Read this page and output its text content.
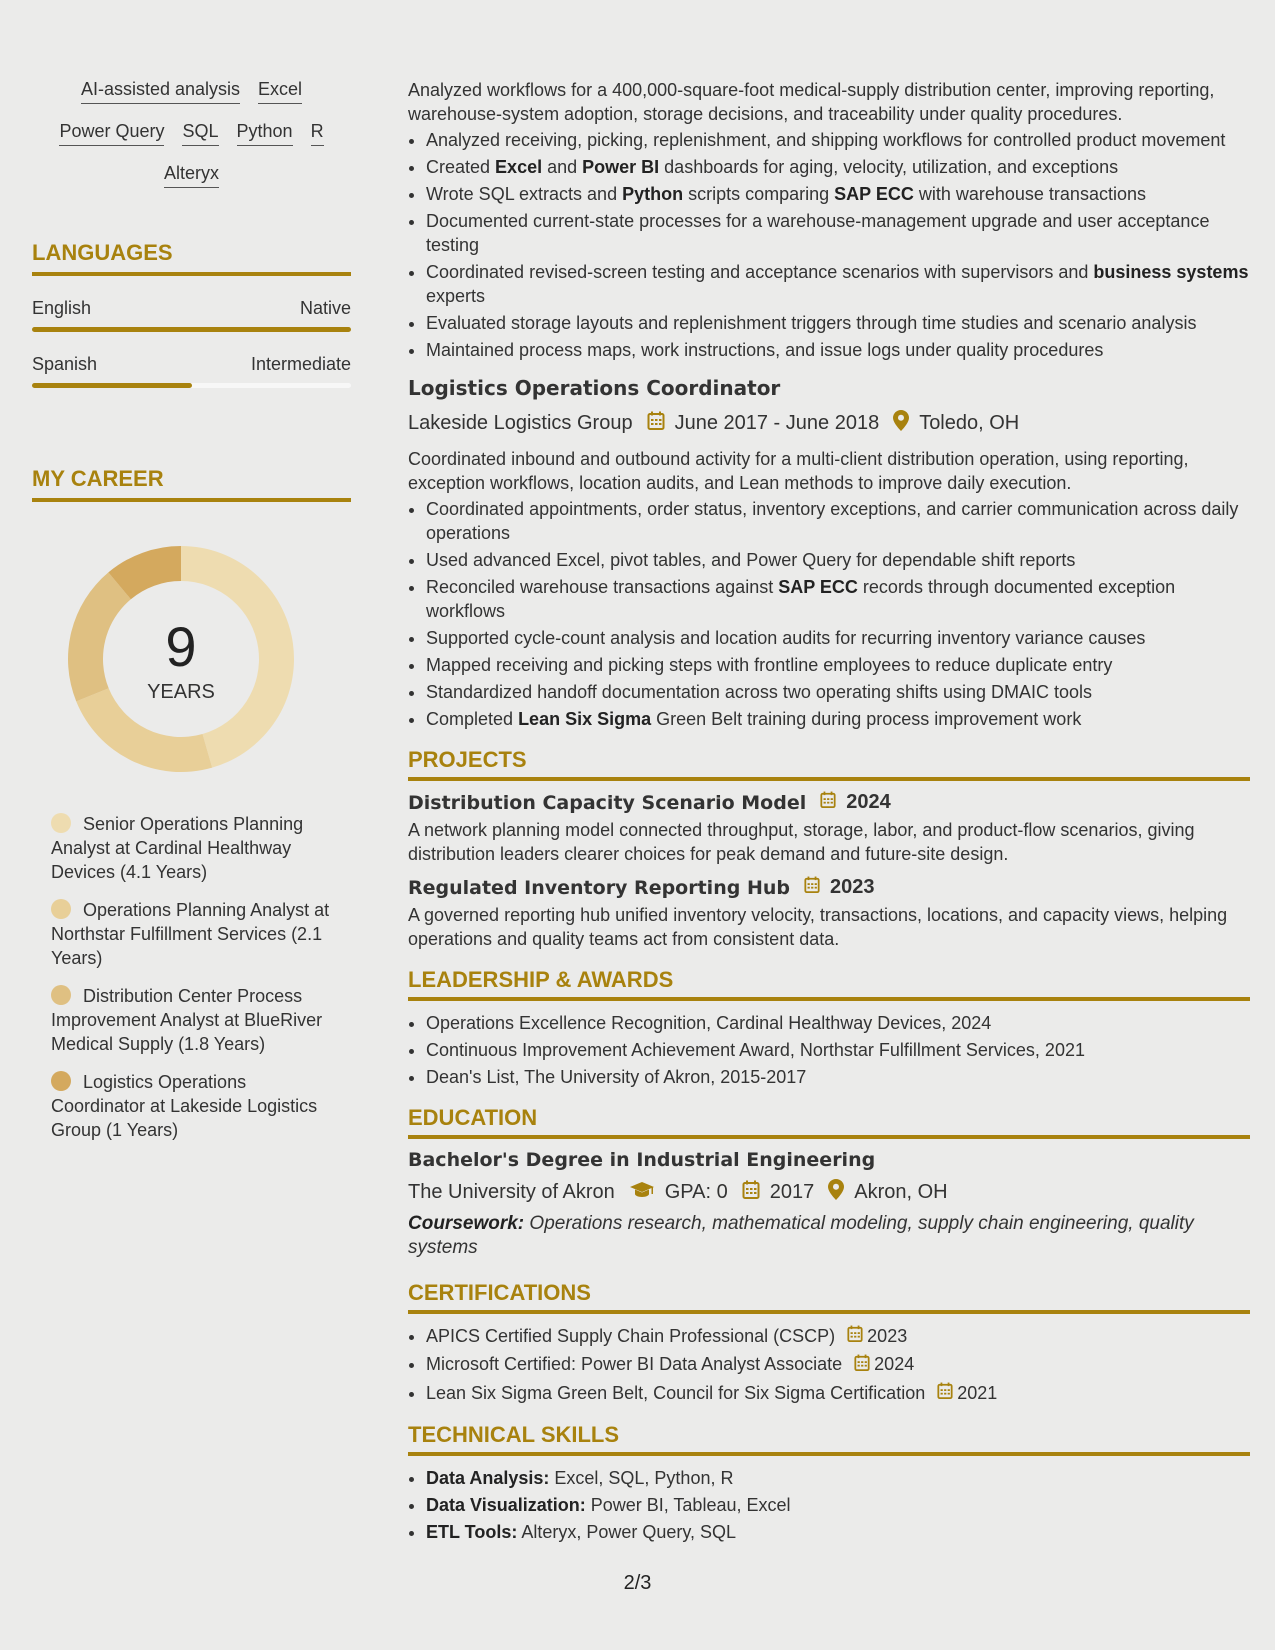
AI-assisted analysis Excel
Power Query SQL Python R
Alteryx
LANGUAGES
English	Native
Spanish	Intermediate
MY CAREER
9
YEARS
Senior Operations Planning Analyst at Cardinal Healthway Devices (4.1 Years)
Operations Planning Analyst at Northstar Fulfillment Services (2.1 Years)
Distribution Center Process Improvement Analyst at BlueRiver Medical Supply (1.8 Years)
Logistics Operations Coordinator at Lakeside Logistics Group (1 Years)

Analyzed workflows for a 400,000-square-foot medical-supply distribution center, improving reporting, warehouse-system adoption, storage decisions, and traceability under quality procedures.

• Analyzed receiving, picking, replenishment, and shipping workflows for controlled product movement
• Created Excel and Power BI dashboards for aging, velocity, utilization, and exceptions
• Wrote SQL extracts and Python scripts comparing SAP ECC with warehouse transactions
• Documented current-state processes for a warehouse-management upgrade and user acceptance testing
• Coordinated revised-screen testing and acceptance scenarios with supervisors and business systems experts
• Evaluated storage layouts and replenishment triggers through time studies and scenario analysis
• Maintained process maps, work instructions, and issue logs under quality procedures
Logistics Operations Coordinator
Lakeside Logistics Group June 2017 - June 2018 Toledo, OH

Coordinated inbound and outbound activity for a multi-client distribution operation, using reporting, exception workflows, location audits, and Lean methods to improve daily execution.

• Coordinated appointments, order status, inventory exceptions, and carrier communication across daily operations
• Used advanced Excel, pivot tables, and Power Query for dependable shift reports
• Reconciled warehouse transactions against SAP ECC records through documented exception workflows
• Supported cycle-count analysis and location audits for recurring inventory variance causes
• Mapped receiving and picking steps with frontline employees to reduce duplicate entry
• Standardized handoff documentation across two operating shifts using DMAIC tools
• Completed Lean Six Sigma Green Belt training during process improvement work
PROJECTS
Distribution Capacity Scenario Model 2024

A network planning model connected throughput, storage, labor, and product-flow scenarios, giving distribution leaders clearer choices for peak demand and future-site design.

Regulated Inventory Reporting Hub 2023

A governed reporting hub unified inventory velocity, transactions, locations, and capacity views, helping operations and quality teams act from consistent data.

LEADERSHIP & AWARDS
• Operations Excellence Recognition, Cardinal Healthway Devices, 2024
• Continuous Improvement Achievement Award, Northstar Fulfillment Services, 2021
• Dean's List, The University of Akron, 2015-2017
EDUCATION
Bachelor's Degree in Industrial Engineering
The University of Akron	GPA: 0 2017 Akron, OH
Coursework: Operations research, mathematical modeling, supply chain engineering, quality systems
CERTIFICATIONS
• APICS Certified Supply Chain Professional (CSCP) 2023
• Microsoft Certified: Power BI Data Analyst Associate 2024
• Lean Six Sigma Green Belt, Council for Six Sigma Certification 2021
TECHNICAL SKILLS
• Data Analysis: Excel, SQL, Python, R
• Data Visualization: Power BI, Tableau, Excel
• ETL Tools: Alteryx, Power Query, SQL
2/3
